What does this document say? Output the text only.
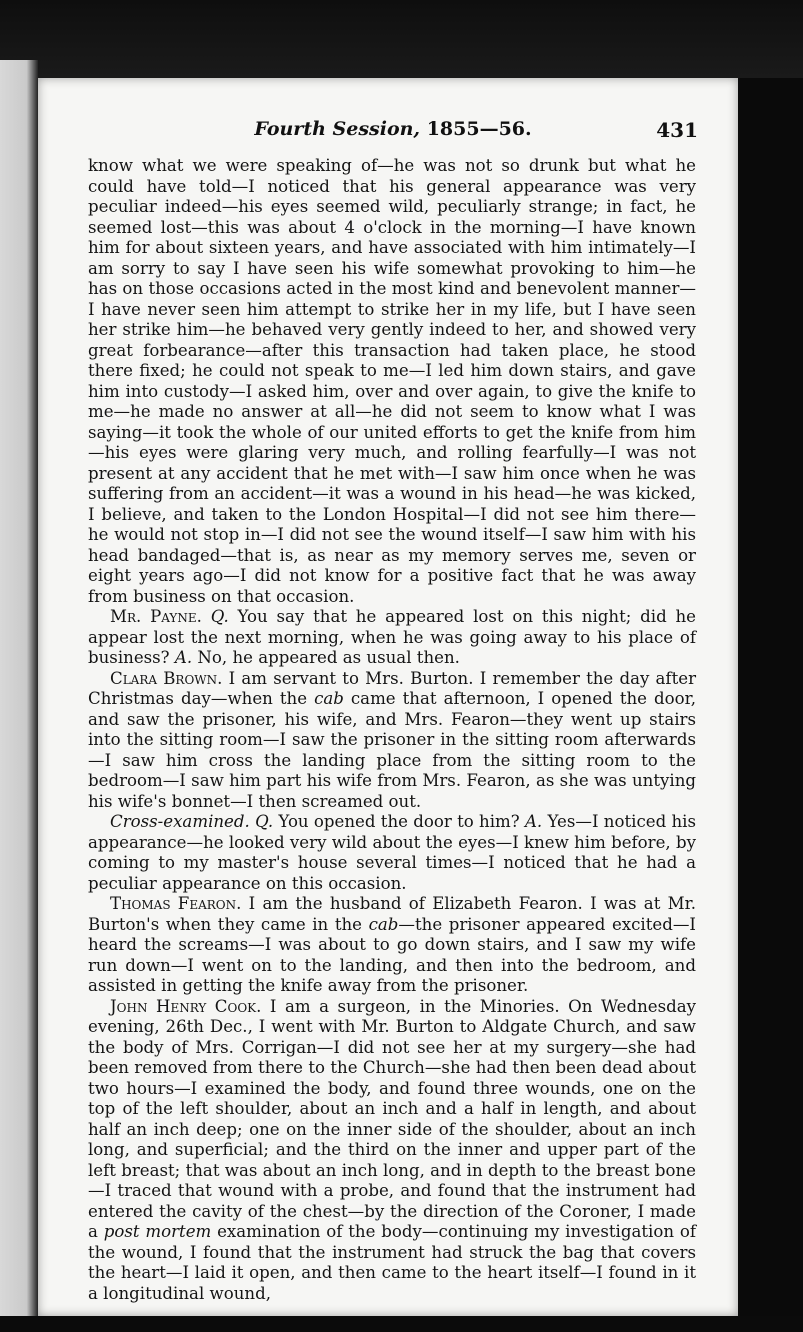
Fourth Session, 1855—56.	431

know what we were speaking of—he was not so drunk but what he could have told—I noticed that his general appearance was very peculiar indeed—his eyes seemed wild, peculiarly strange; in fact, he seemed lost—this was about 4 o'clock in the morning—I have known him for about sixteen years, and have associated with him intimately—I am sorry to say I have seen his wife somewhat provoking to him—he has on those occasions acted in the most kind and benevolent manner—I have never seen him attempt to strike her in my life, but I have seen her strike him—he behaved very gently indeed to her, and showed very great forbearance—after this transaction had taken place, he stood there fixed; he could not speak to me—I led him down stairs, and gave him into custody—I asked him, over and over again, to give the knife to me—he made no answer at all—he did not seem to know what I was saying—it took the whole of our united efforts to get the knife from him—his eyes were glaring very much, and rolling fearfully—I was not present at any accident that he met with—I saw him once when he was suffering from an accident—it was a wound in his head—he was kicked, I believe, and taken to the London Hospital—I did not see him there—he would not stop in—I did not see the wound itself—I saw him with his head bandaged—that is, as near as my memory serves me, seven or eight years ago—I did not know for a positive fact that he was away from business on that occasion.

Mr. Payne. Q. You say that he appeared lost on this night; did he appear lost the next morning, when he was going away to his place of business? A. No, he appeared as usual then.

Clara Brown. I am servant to Mrs. Burton. I remember the day after Christmas day—when the cab came that afternoon, I opened the door, and saw the prisoner, his wife, and Mrs. Fearon—they went up stairs into the sitting room—I saw the prisoner in the sitting room afterwards—I saw him cross the landing place from the sitting room to the bedroom—I saw him part his wife from Mrs. Fearon, as she was untying his wife's bonnet—I then screamed out.

Cross-examined. Q. You opened the door to him? A. Yes—I noticed his appearance—he looked very wild about the eyes—I knew him before, by coming to my master's house several times—I noticed that he had a peculiar appearance on this occasion.

Thomas Fearon. I am the husband of Elizabeth Fearon. I was at Mr. Burton's when they came in the cab—the prisoner appeared excited—I heard the screams—I was about to go down stairs, and I saw my wife run down—I went on to the landing, and then into the bedroom, and assisted in getting the knife away from the prisoner.

John Henry Cook. I am a surgeon, in the Minories. On Wednesday evening, 26th Dec., I went with Mr. Burton to Aldgate Church, and saw the body of Mrs. Corrigan—I did not see her at my surgery—she had been removed from there to the Church—she had then been dead about two hours—I examined the body, and found three wounds, one on the top of the left shoulder, about an inch and a half in length, and about half an inch deep; one on the inner side of the shoulder, about an inch long, and superficial; and the third on the inner and upper part of the left breast; that was about an inch long, and in depth to the breast bone—I traced that wound with a probe, and found that the instrument had entered the cavity of the chest—by the direction of the Coroner, I made a post mortem examination of the body—continuing my investigation of the wound, I found that the instrument had struck the bag that covers the heart—I laid it open, and then came to the heart itself—I found in it a longitudinal wound,
